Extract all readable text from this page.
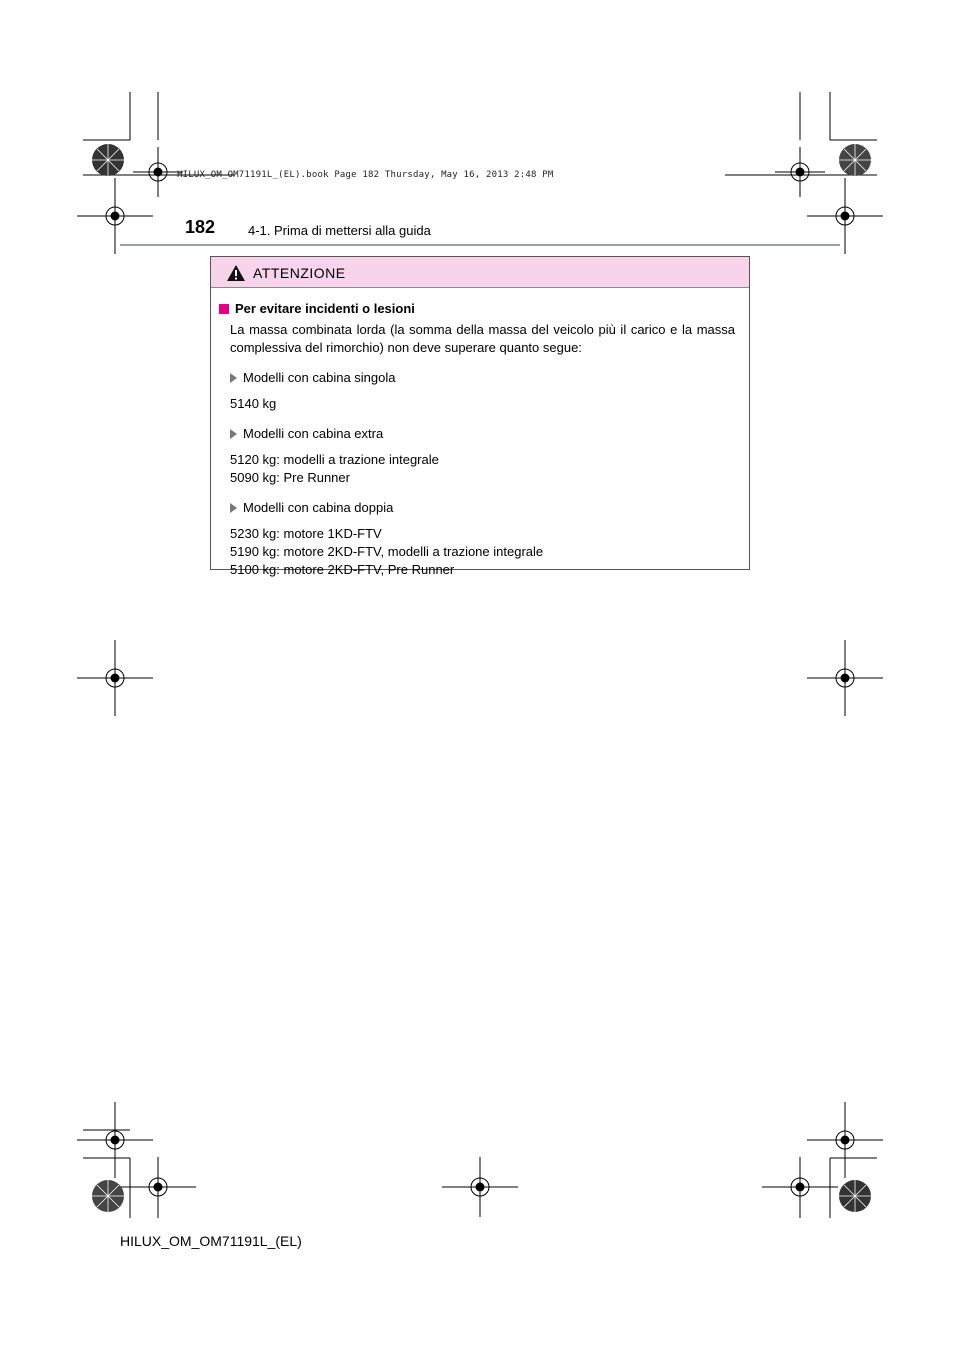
HILUX_OM_OM71191L_(EL).book Page 182 Thursday, May 16, 2013 2:48 PM
182	4-1. Prima di mettersi alla guida
ATTENZIONE
Per evitare incidenti o lesioni
La massa combinata lorda (la somma della massa del veicolo più il carico e la massa complessiva del rimorchio) non deve superare quanto segue:
Modelli con cabina singola
5140 kg
Modelli con cabina extra
5120 kg: modelli a trazione integrale
5090 kg: Pre Runner
Modelli con cabina doppia
5230 kg: motore 1KD-FTV
5190 kg: motore 2KD-FTV, modelli a trazione integrale
5100 kg: motore 2KD-FTV, Pre Runner
HILUX_OM_OM71191L_(EL)
